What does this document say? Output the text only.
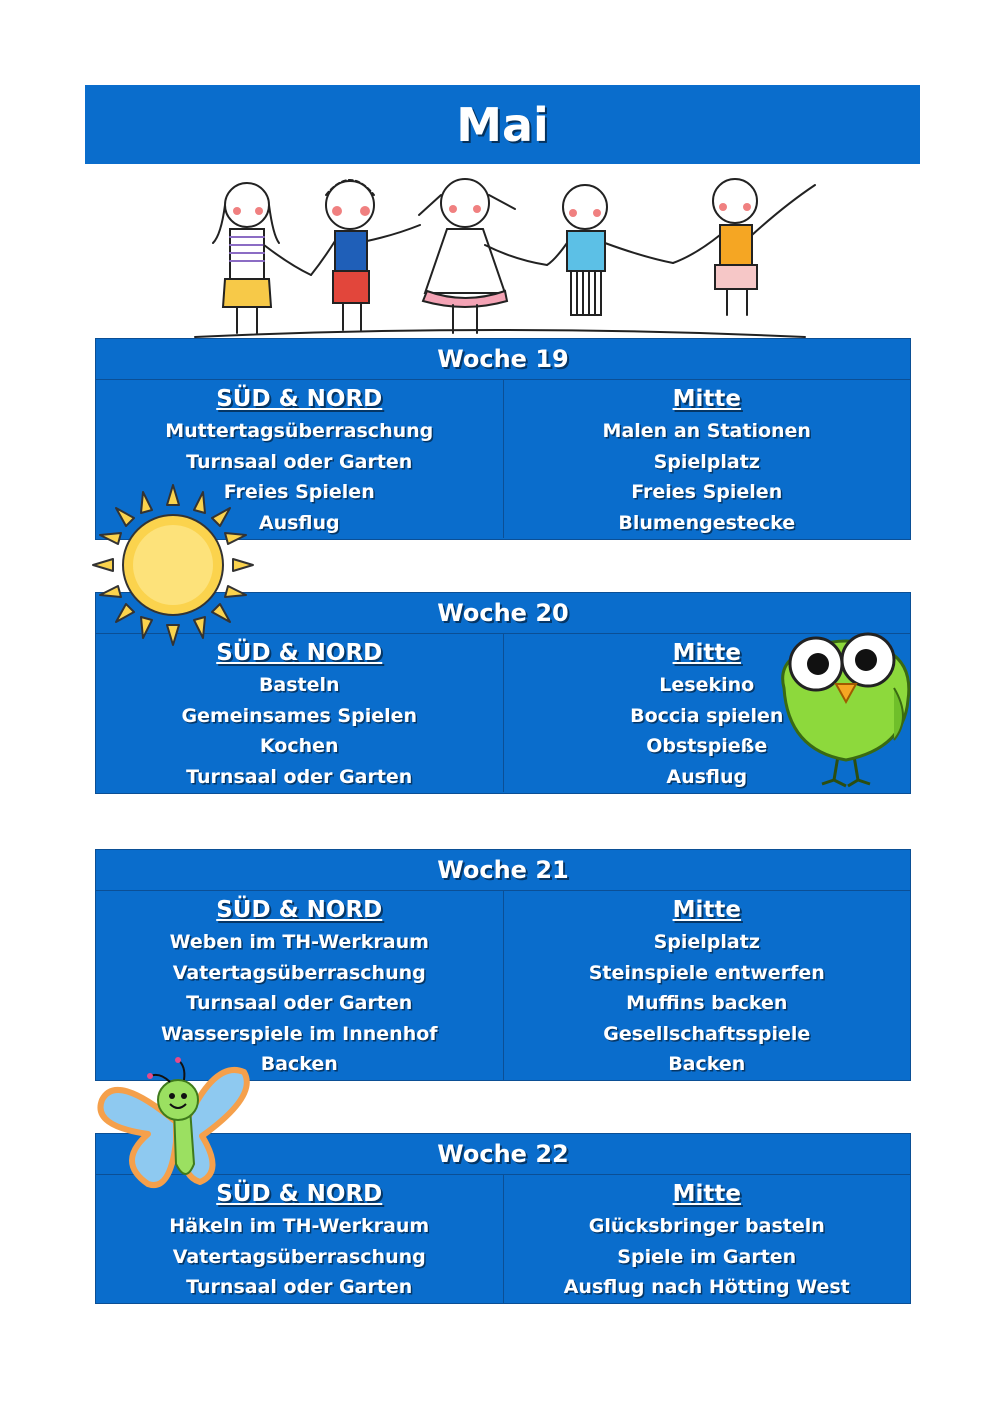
Mai
Woche 19
SÜD & NORD
Muttertagsüberraschung
Turnsaal oder Garten
Freies Spielen
Ausflug
Mitte
Malen an Stationen
Spielplatz
Freies Spielen
Blumengestecke
Woche 20
SÜD & NORD
Basteln
Gemeinsames Spielen
Kochen
Turnsaal oder Garten
Mitte
Lesekino
Boccia spielen
Obstspieße
Ausflug
Woche 21
SÜD & NORD
Weben im TH-Werkraum
Vatertagsüberraschung
Turnsaal oder Garten
Wasserspiele im Innenhof
Backen
Mitte
Spielplatz
Steinspiele entwerfen
Muffins backen
Gesellschaftsspiele
Backen
Woche 22
SÜD & NORD
Häkeln im TH-Werkraum
Vatertagsüberraschung
Turnsaal oder Garten
Mitte
Glücksbringer basteln
Spiele im Garten
Ausflug nach Hötting West
